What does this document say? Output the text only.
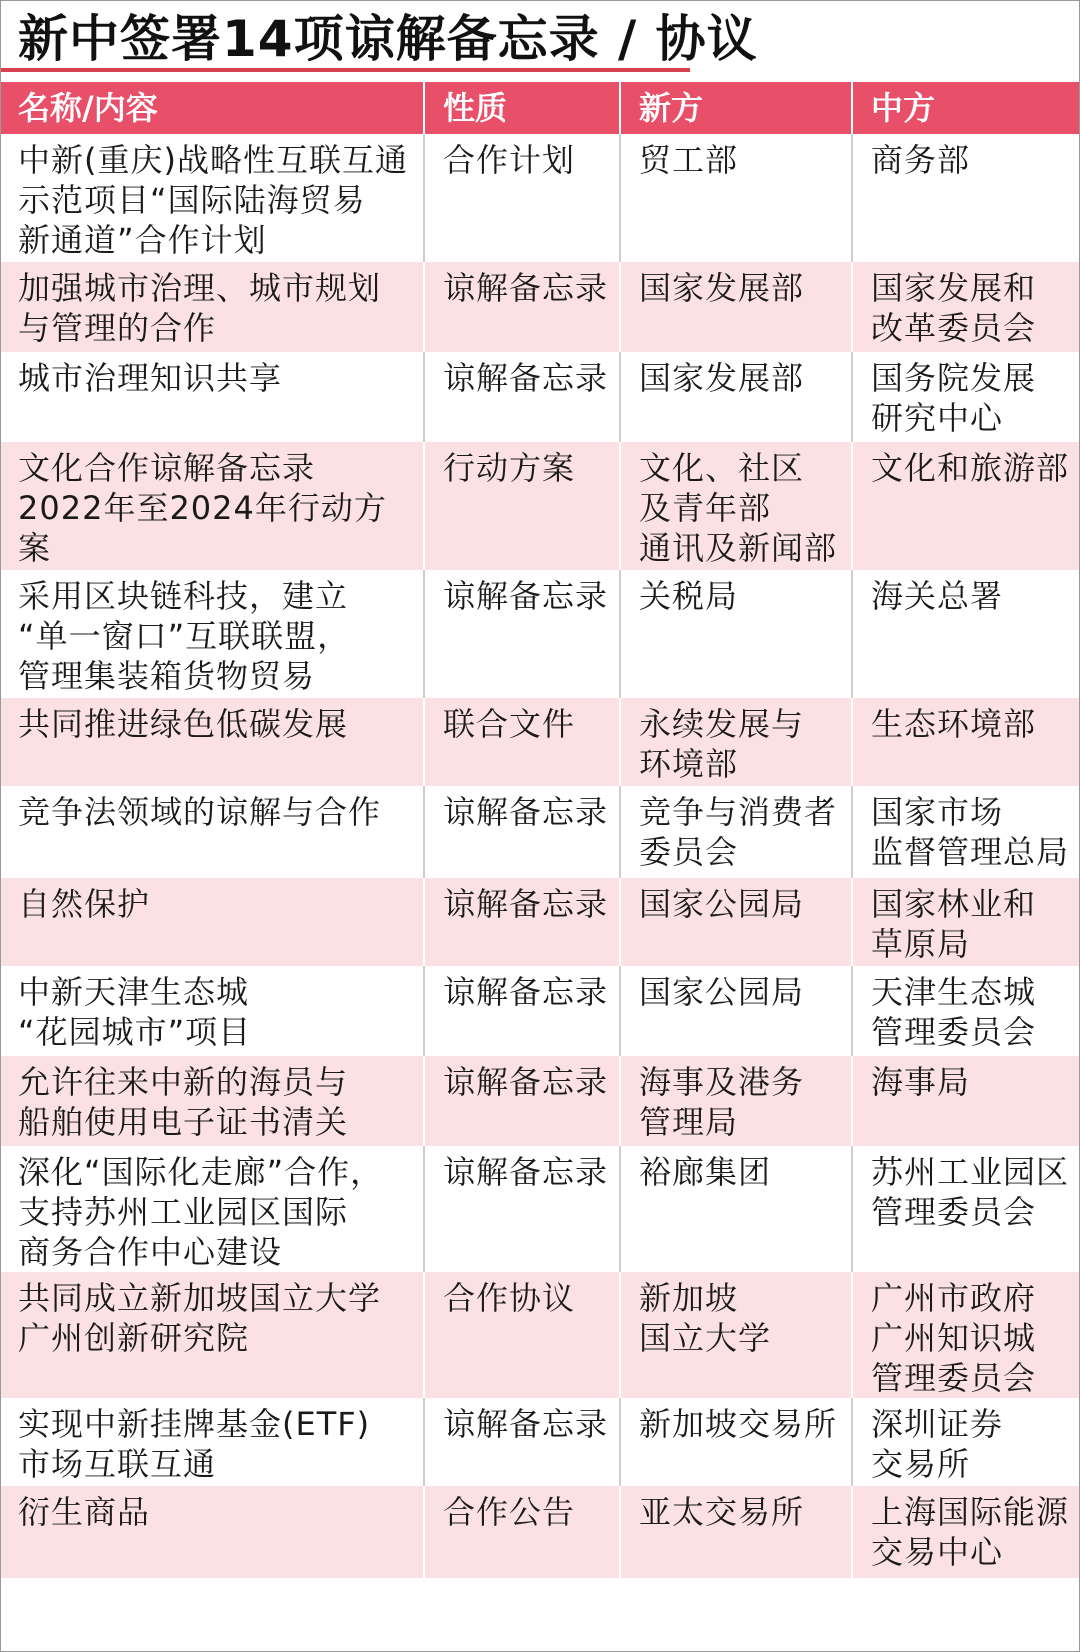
新中签署14项谅解备忘录 / 协议
名称/内容	性质	新方	中方

中新(重庆)战略性互联互通
示范项目“国际陆海贸易
新通道”合作计划	合作计划	贸工部	商务部

加强城市治理、城市规划
与管理的合作	谅解备忘录	国家发展部	国家发展和
改革委员会

城市治理知识共享	谅解备忘录	国家发展部	国务院发展
研究中心

文化合作谅解备忘录
2022年至2024年行动方案	行动方案	文化、社区
及青年部
通讯及新闻部	文化和旅游部

采用区块链科技，建立
“单一窗口”互联联盟，
管理集装箱货物贸易	谅解备忘录	关税局	海关总署

共同推进绿色低碳发展	联合文件	永续发展与
环境部	生态环境部

竞争法领域的谅解与合作	谅解备忘录	竞争与消费者
委员会	国家市场
监督管理总局

自然保护	谅解备忘录	国家公园局	国家林业和
草原局

中新天津生态城
“花园城市”项目	谅解备忘录	国家公园局	天津生态城
管理委员会

允许往来中新的海员与
船舶使用电子证书清关	谅解备忘录	海事及港务
管理局	海事局

深化“国际化走廊”合作，
支持苏州工业园区国际
商务合作中心建设	谅解备忘录	裕廊集团	苏州工业园区
管理委员会

共同成立新加坡国立大学
广州创新研究院	合作协议	新加坡
国立大学	广州市政府
广州知识城
管理委员会

实现中新挂牌基金(ETF)
市场互联互通	谅解备忘录	新加坡交易所	深圳证券
交易所

衍生商品	合作公告	亚太交易所	上海国际能源
交易中心
